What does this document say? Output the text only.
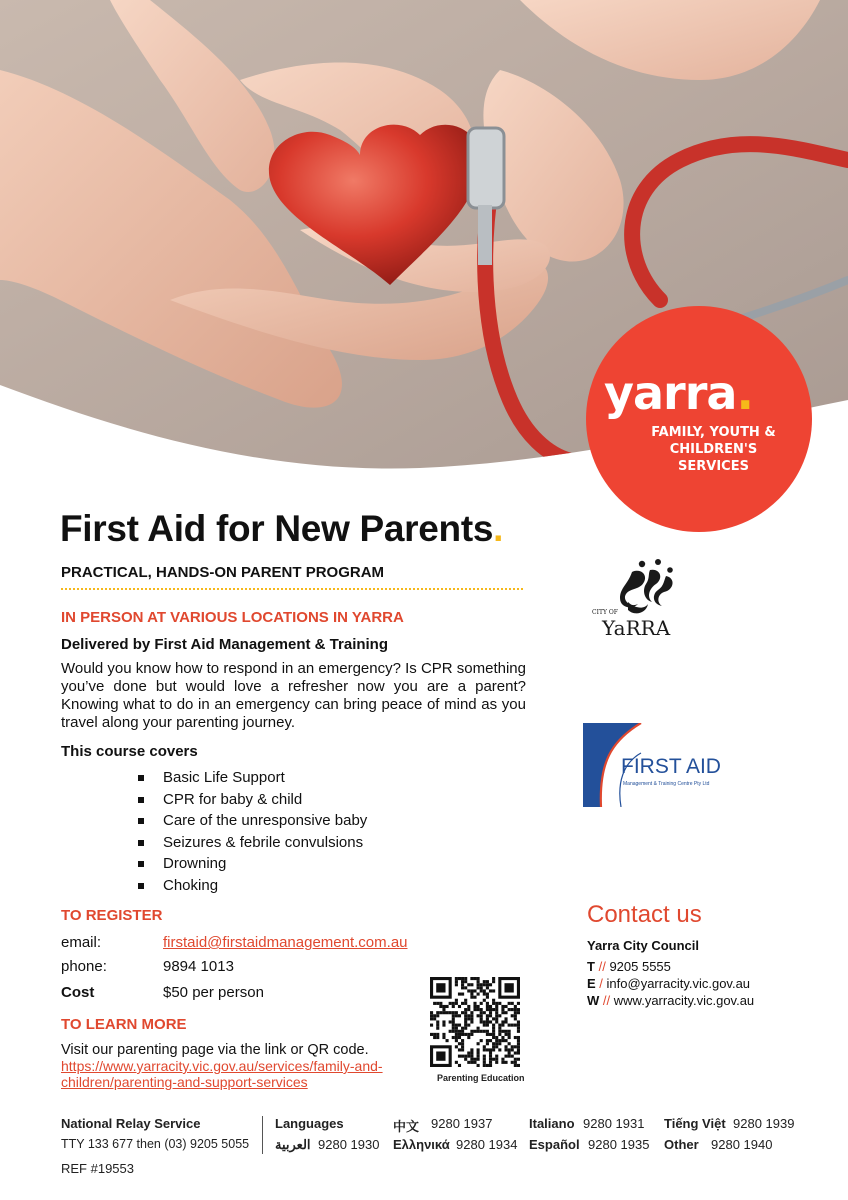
yarra.
FAMILY, YOUTH &
CHILDREN'S SERVICES
First Aid for New Parents.
PRACTICAL, HANDS-ON PARENT PROGRAM
IN PERSON AT VARIOUS LOCATIONS IN YARRA
Delivered by First Aid Management & Training

Would you know how to respond in an emergency? Is CPR something you’ve done but would love a refresher now you are a parent? Knowing what to do in an emergency can bring peace of mind as you travel along your parenting journey.

This course covers
Basic Life Support
CPR for baby & child
Care of the unresponsive baby
Seizures & febrile convulsions
Drowning
Choking
TO REGISTER
email:	firstaid@firstaidmanagement.com.au
phone:	9894 1013
Cost	$50 per person
TO LEARN MORE
Visit our parenting page via the link or QR code.
https://www.yarracity.vic.gov.au/services/family-and-children/parenting-and-support-services	Parenting Education
Contact us
Yarra City Council
T // 9205 5555
E / info@yarracity.vic.gov.au
W // www.yarracity.vic.gov.au
CITY OF
YaRRA
FIRST AID
Management & Training Centre Pty Ltd
National Relay Service
TTY 133 677 then (03) 9205 5055
Languages	中文 9280 1937	Italiano 9280 1931 Tiếng Việt 9280 1939
العربية 9280 1930 Ελληνικά 9280 1934 Español 9280 1935 Other 9280 1940
REF #19553
